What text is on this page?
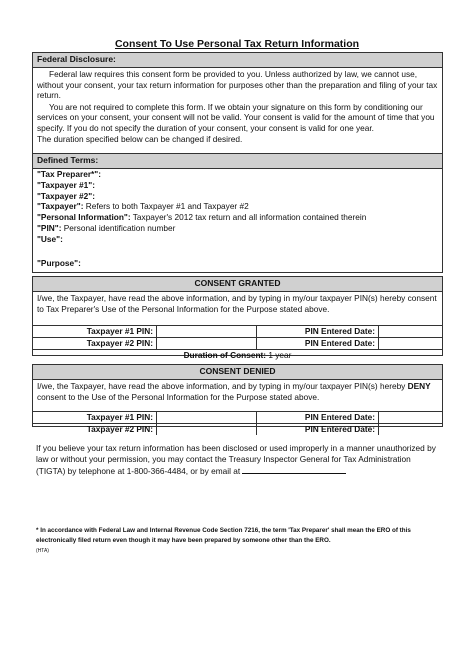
Consent To Use Personal Tax Return Information
Federal Disclosure:
Federal law requires this consent form be provided to you. Unless authorized by law, we cannot use, without your consent, your tax return information for purposes other than the preparation and filing of your tax return.
You are not required to complete this form. If we obtain your signature on this form by conditioning our services on your consent, your consent will not be valid. Your consent is valid for the amount of time that you specify. If you do not specify the duration of your consent, your consent is valid for one year.
The duration specified below can be changed if desired.
Defined Terms:
"Tax Preparer*":
"Taxpayer #1":
"Taxpayer #2":
"Taxpayer": Refers to both Taxpayer #1 and Taxpayer #2
"Personal Information": Taxpayer's 2012 tax return and all information contained therein
"PIN": Personal identification number
"Use":
"Purpose":
CONSENT GRANTED
I/we, the Taxpayer, have read the above information, and by typing in my/our taxpayer PIN(s) hereby consent to Tax Preparer's Use of the Personal Information for the Purpose stated above.
Taxpayer #1 PIN:	PIN Entered Date:
Taxpayer #2 PIN:	PIN Entered Date:
Duration of Consent: 1 year
CONSENT DENIED
I/we, the Taxpayer, have read the above information, and by typing in my/our taxpayer PIN(s) hereby DENY consent to the Use of the Personal Information for the Purpose stated above.
Taxpayer #1 PIN:	PIN Entered Date:
Taxpayer #2 PIN:	PIN Entered Date:
If you believe your tax return information has been disclosed or used improperly in a manner unauthorized by law or without your permission, you may contact the Treasury Inspector General for Tax Administration (TIGTA) by telephone at 1-800-366-4484, or by email at
* In accordance with Federal Law and Internal Revenue Code Section 7216, the term 'Tax Preparer' shall mean the ERO of this electronically filed return even though it may have been prepared by someone other than the ERO.
(HTA)
